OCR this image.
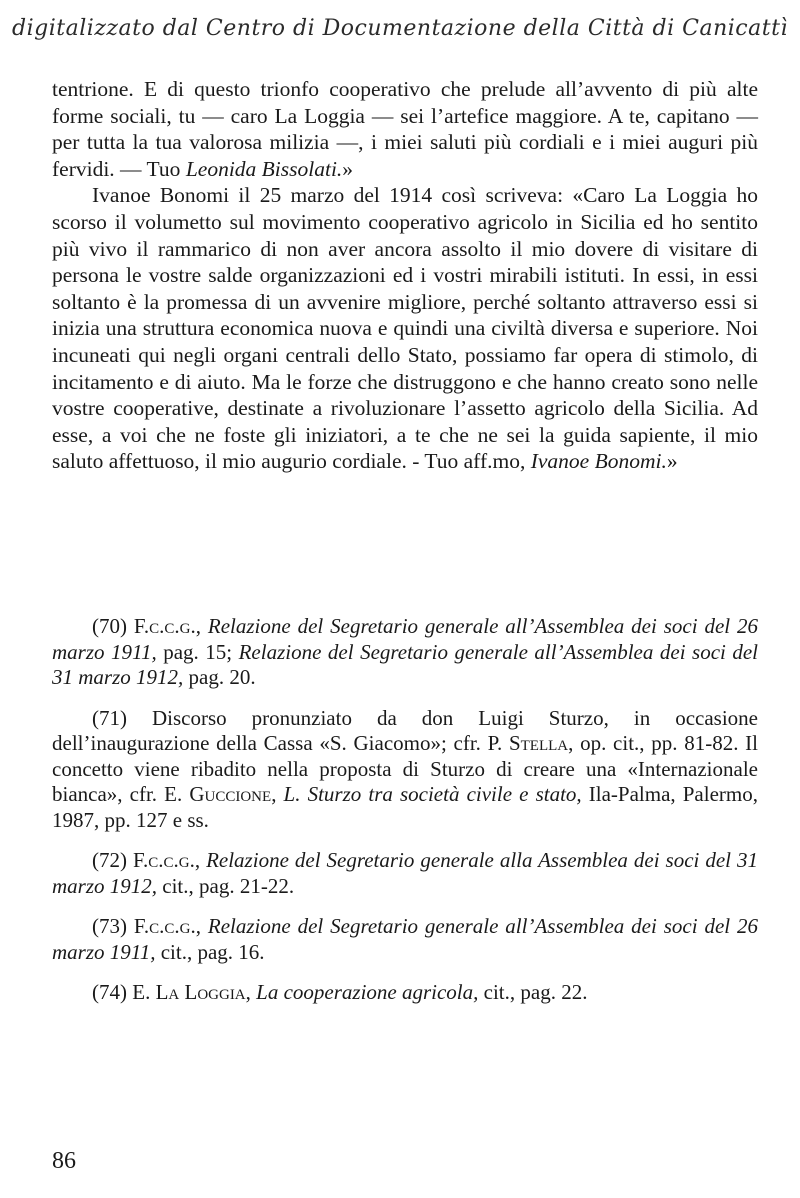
digitalizzato dal Centro di Documentazione della Città di Canicattì

tentrione. E di questo trionfo cooperativo che prelude all’avvento di più alte forme sociali, tu — caro La Loggia — sei l’artefice maggiore. A te, capitano — per tutta la tua valorosa milizia —, i miei saluti più cordiali e i miei auguri più fervidi. — Tuo Leonida Bissolati.»

Ivanoe Bonomi il 25 marzo del 1914 così scriveva: «Caro La Loggia ho scorso il volumetto sul movimento cooperativo agricolo in Sicilia ed ho sentito più vivo il rammarico di non aver ancora assolto il mio dovere di visitare di persona le vostre salde organizzazioni ed i vostri mirabili istituti. In essi, in essi soltanto è la promessa di un avvenire migliore, perché soltanto attraverso essi si inizia una struttura economica nuova e quindi una civiltà diversa e superiore. Noi incuneati qui negli organi centrali dello Stato, possiamo far opera di stimolo, di incitamento e di aiuto. Ma le forze che distruggono e che hanno creato sono nelle vostre cooperative, destinate a rivoluzionare l’assetto agricolo della Sicilia. Ad esse, a voi che ne foste gli iniziatori, a te che ne sei la guida sapiente, il mio saluto affettuoso, il mio augurio cordiale. - Tuo aff.mo, Ivanoe Bonomi.»

(70) F.c.c.g., Relazione del Segretario generale all’Assemblea dei soci del 26 marzo 1911, pag. 15; Relazione del Segretario generale all’Assemblea dei soci del 31 marzo 1912, pag. 20.

(71) Discorso pronunziato da don Luigi Sturzo, in occasione dell’inaugurazione della Cassa «S. Giacomo»; cfr. P. Stella, op. cit., pp. 81-82. Il concetto viene ribadito nella proposta di Sturzo di creare una «Internazionale bianca», cfr. E. Guccione, L. Sturzo tra società civile e stato, Ila-Palma, Palermo, 1987, pp. 127 e ss.

(72) F.c.c.g., Relazione del Segretario generale alla Assemblea dei soci del 31 marzo 1912, cit., pag. 21-22.

(73) F.c.c.g., Relazione del Segretario generale all’Assemblea dei soci del 26 marzo 1911, cit., pag. 16.

(74) E. La Loggia, La cooperazione agricola, cit., pag. 22.

86
